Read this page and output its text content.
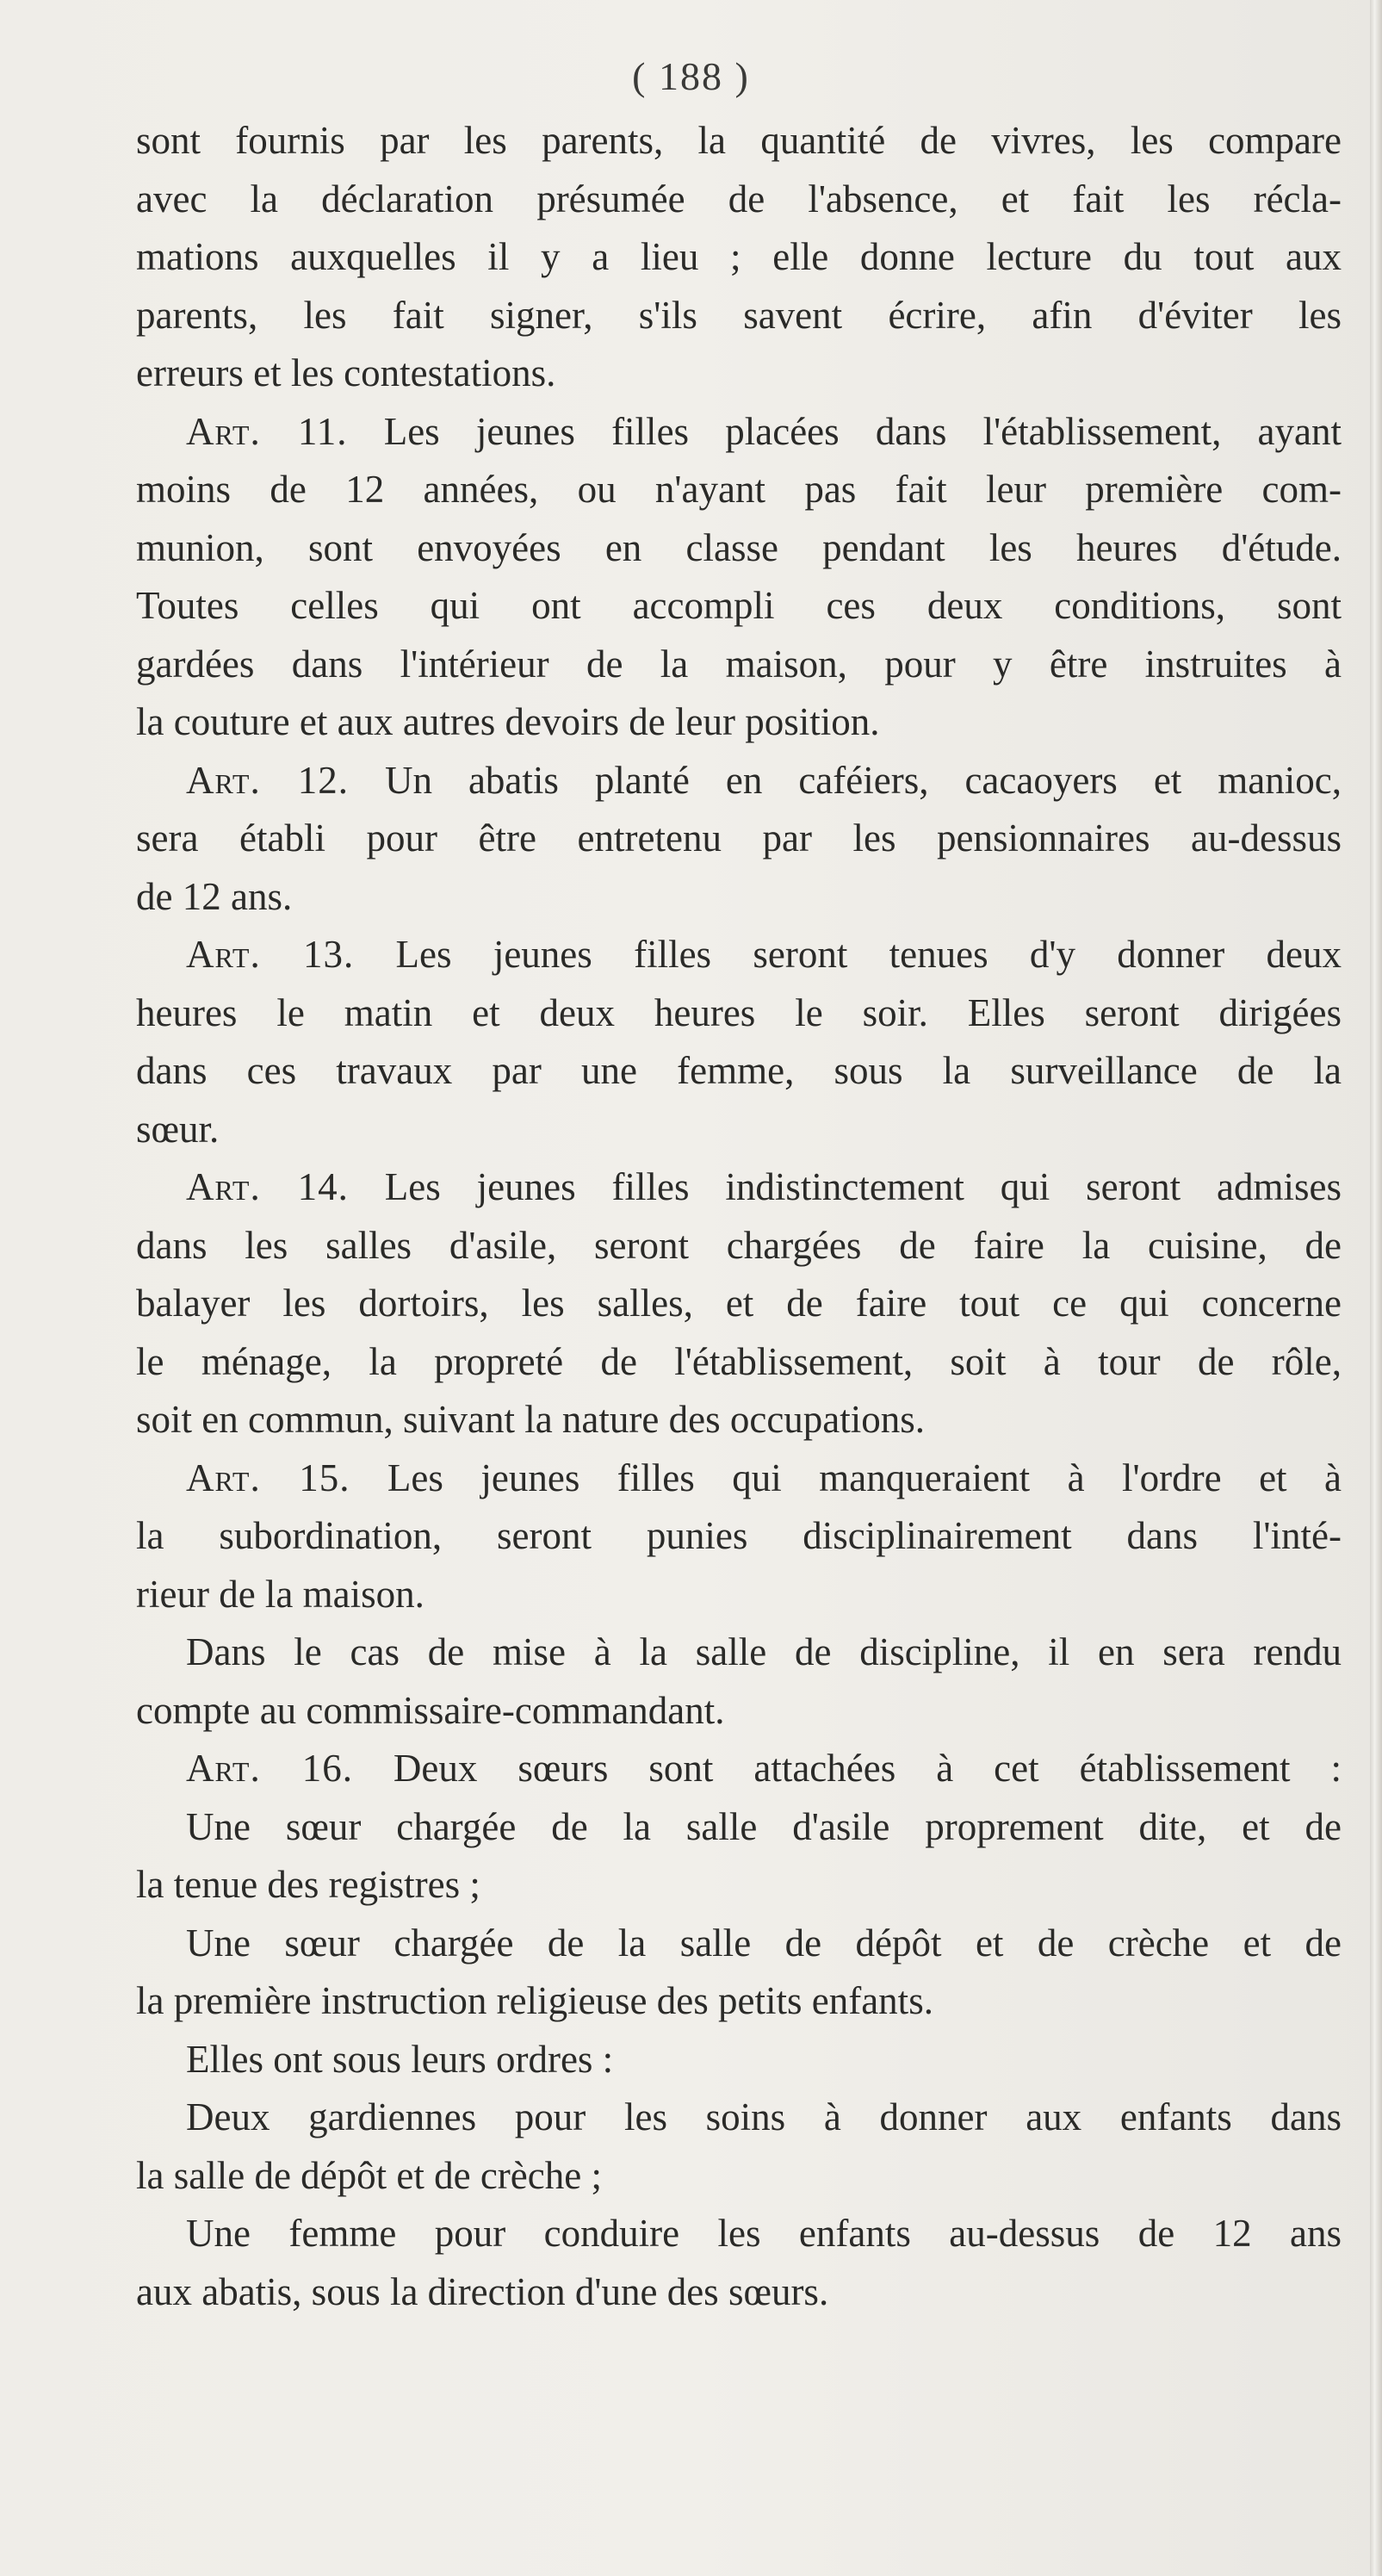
( 188 )
sont fournis par les parents, la quantité de vivres, les compare
avec la déclaration présumée de l'absence, et fait les récla-
mations auxquelles il y a lieu ; elle donne lecture du tout aux
parents, les fait signer, s'ils savent écrire, afin d'éviter les
erreurs et les contestations.
Art. 11. Les jeunes filles placées dans l'établissement, ayant
moins de 12 années, ou n'ayant pas fait leur première com-
munion, sont envoyées en classe pendant les heures d'étude.
Toutes celles qui ont accompli ces deux conditions, sont
gardées dans l'intérieur de la maison, pour y être instruites à
la couture et aux autres devoirs de leur position.
Art. 12. Un abatis planté en caféiers, cacaoyers et manioc,
sera établi pour être entretenu par les pensionnaires au-dessus
de 12 ans.
Art. 13. Les jeunes filles seront tenues d'y donner deux
heures le matin et deux heures le soir. Elles seront dirigées
dans ces travaux par une femme, sous la surveillance de la
sœur.
Art. 14. Les jeunes filles indistinctement qui seront admises
dans les salles d'asile, seront chargées de faire la cuisine, de
balayer les dortoirs, les salles, et de faire tout ce qui concerne
le ménage, la propreté de l'établissement, soit à tour de rôle,
soit en commun, suivant la nature des occupations.
Art. 15. Les jeunes filles qui manqueraient à l'ordre et à
la subordination, seront punies disciplinairement dans l'inté-
rieur de la maison.
Dans le cas de mise à la salle de discipline, il en sera rendu
compte au commissaire-commandant.
Art. 16. Deux sœurs sont attachées à cet établissement :
Une sœur chargée de la salle d'asile proprement dite, et de
la tenue des registres ;
Une sœur chargée de la salle de dépôt et de crèche et de
la première instruction religieuse des petits enfants.
Elles ont sous leurs ordres :
Deux gardiennes pour les soins à donner aux enfants dans
la salle de dépôt et de crèche ;
Une femme pour conduire les enfants au-dessus de 12 ans
aux abatis, sous la direction d'une des sœurs.
